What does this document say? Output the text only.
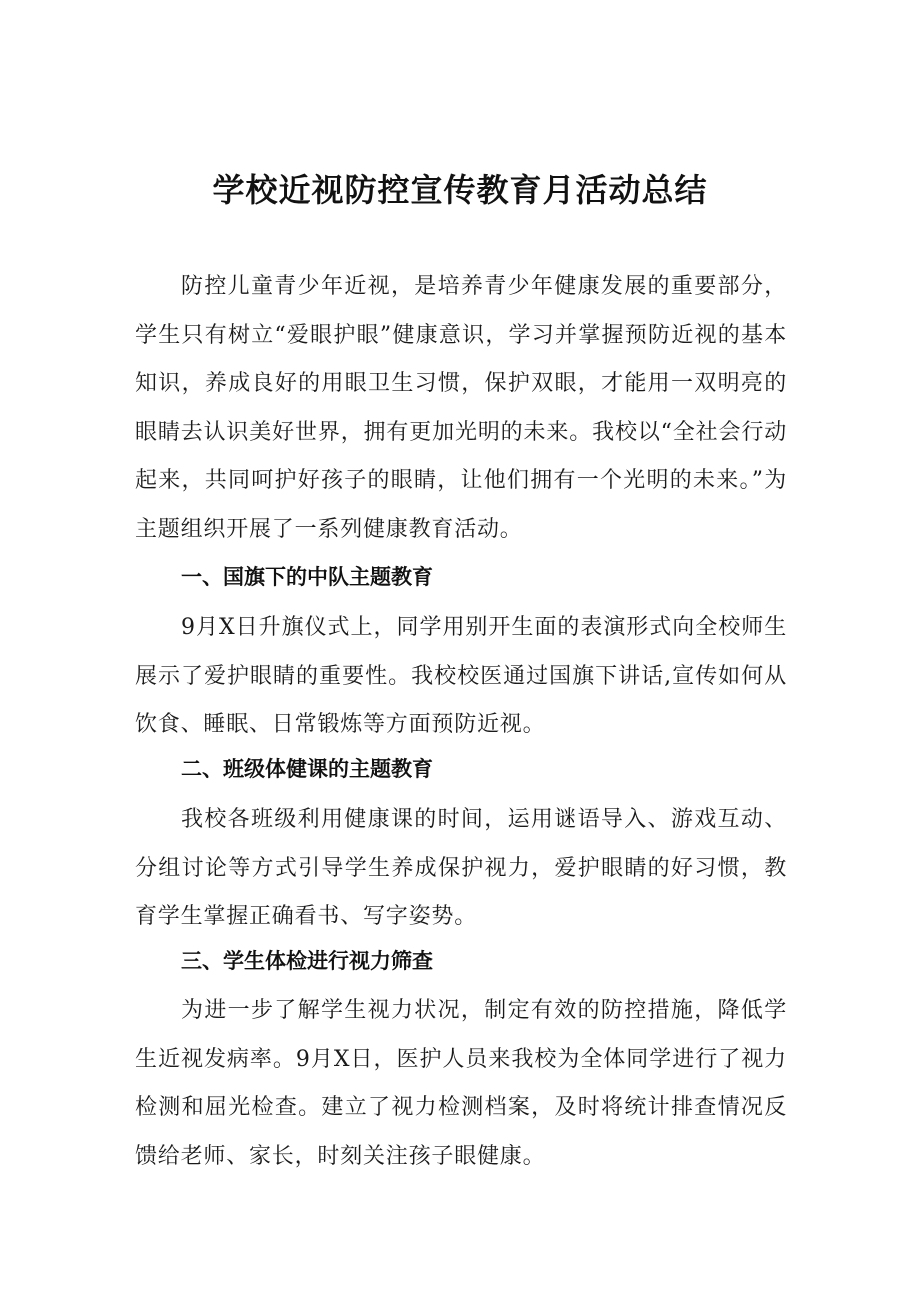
学校近视防控宣传教育月活动总结

防控儿童青少年近视，是培养青少年健康发展的重要部分，学生只有树立“爱眼护眼”健康意识，学习并掌握预防近视的基本知识，养成良好的用眼卫生习惯，保护双眼，才能用一双明亮的眼睛去认识美好世界，拥有更加光明的未来。我校以“全社会行动起来，共同呵护好孩子的眼睛，让他们拥有一个光明的未来。”为主题组织开展了一系列健康教育活动。

一、国旗下的中队主题教育

9月X日升旗仪式上，同学用别开生面的表演形式向全校师生展示了爱护眼睛的重要性。我校校医通过国旗下讲话,宣传如何从饮食、睡眠、日常锻炼等方面预防近视。

二、班级体健课的主题教育

我校各班级利用健康课的时间，运用谜语导入、游戏互动、分组讨论等方式引导学生养成保护视力，爱护眼睛的好习惯，教育学生掌握正确看书、写字姿势。

三、学生体检进行视力筛查

为进一步了解学生视力状况，制定有效的防控措施，降低学生近视发病率。9月X日，医护人员来我校为全体同学进行了视力检测和屈光检查。建立了视力检测档案，及时将统计排查情况反馈给老师、家长，时刻关注孩子眼健康。
